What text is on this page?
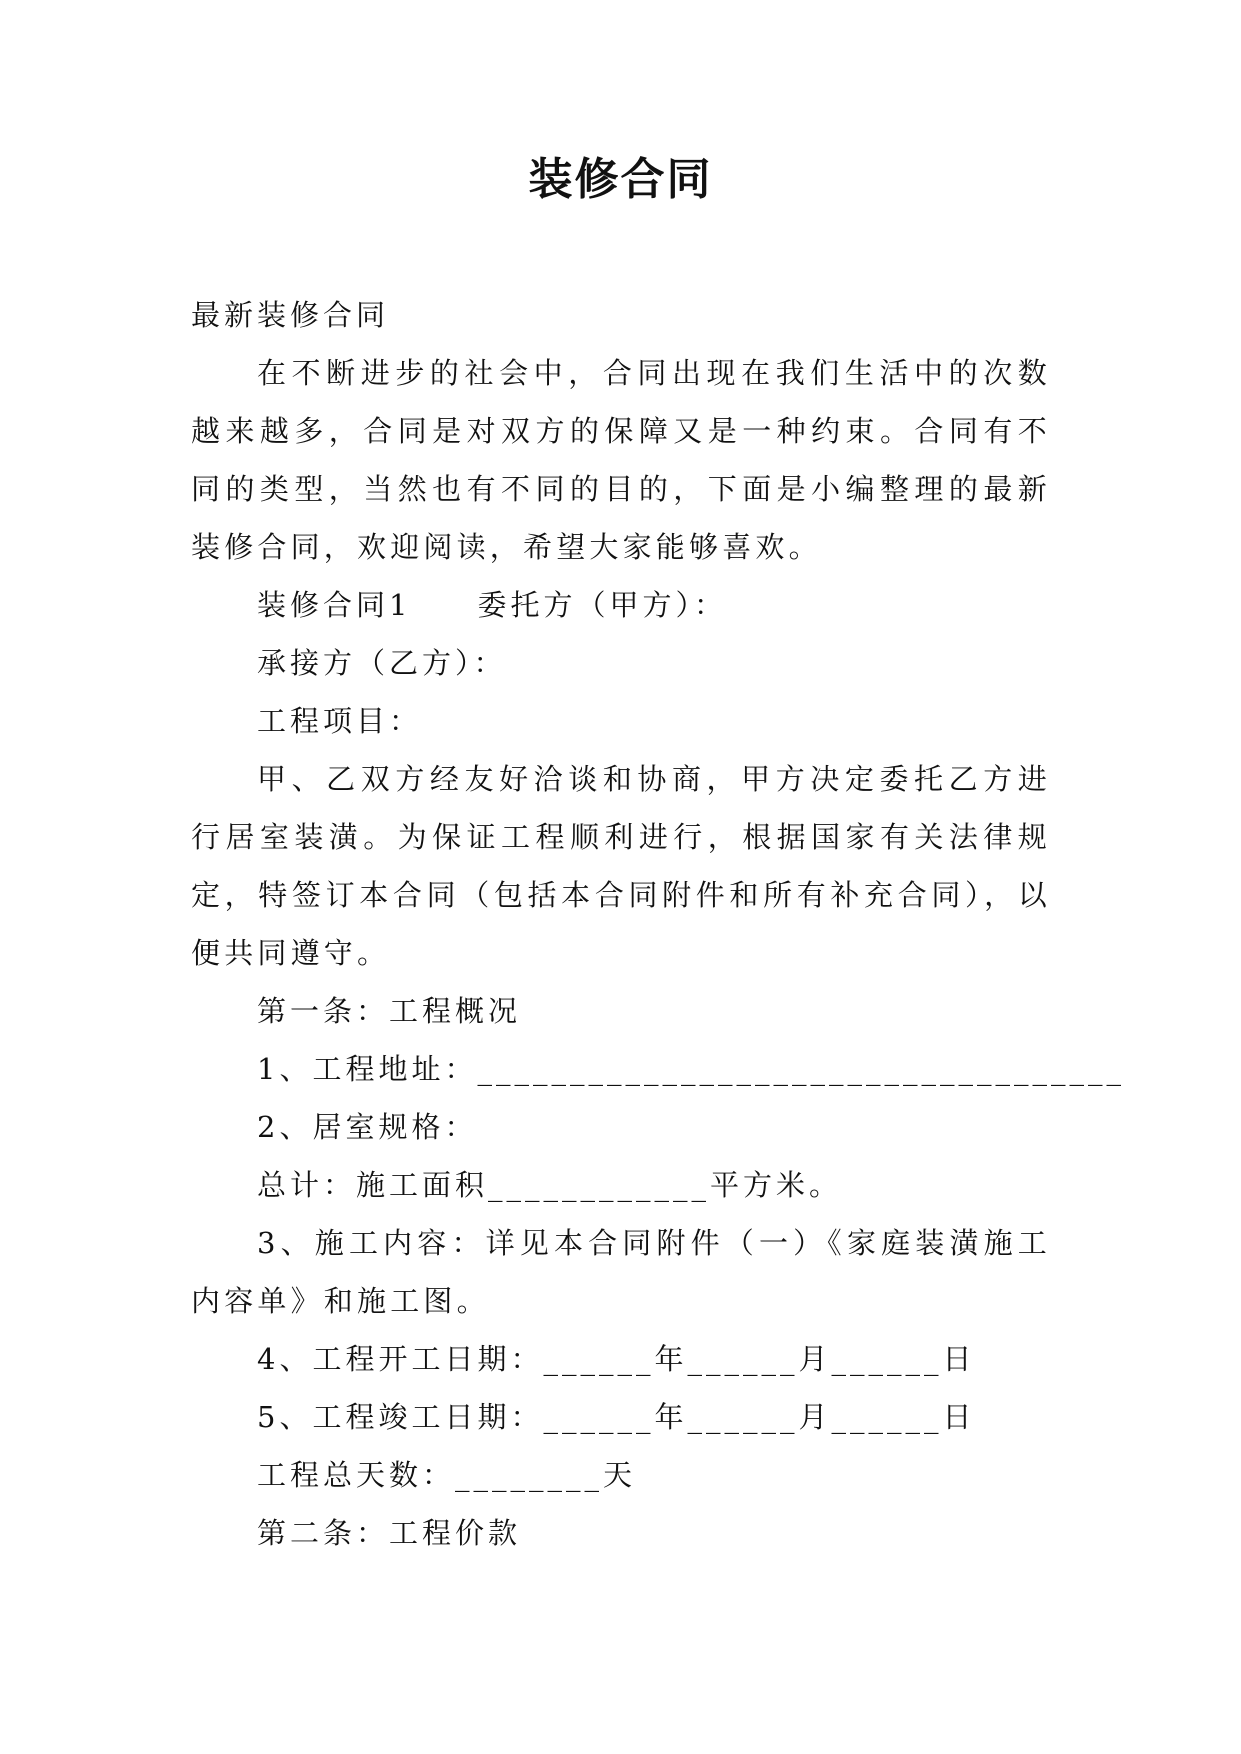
装修合同

最新装修合同

在不断进步的社会中，合同出现在我们生活中的次数越来越多，合同是对双方的保障又是一种约束。合同有不同的类型，当然也有不同的目的，下面是小编整理的最新装修合同，欢迎阅读，希望大家能够喜欢。

装修合同1 委托方（甲方）：

承接方（乙方）：

工程项目：

甲、乙双方经友好洽谈和协商，甲方决定委托乙方进行居室装潢。为保证工程顺利进行，根据国家有关法律规定，特签订本合同（包括本合同附件和所有补充合同），以便共同遵守。

第一条：工程概况

1、工程地址：___________________________________

2、居室规格：

总计：施工面积____________平方米。

3、施工内容：详见本合同附件（一）《家庭装潢施工内容单》和施工图。

4、工程开工日期：______年______月______日

5、工程竣工日期：______年______月______日

工程总天数：________天

第二条：工程价款
